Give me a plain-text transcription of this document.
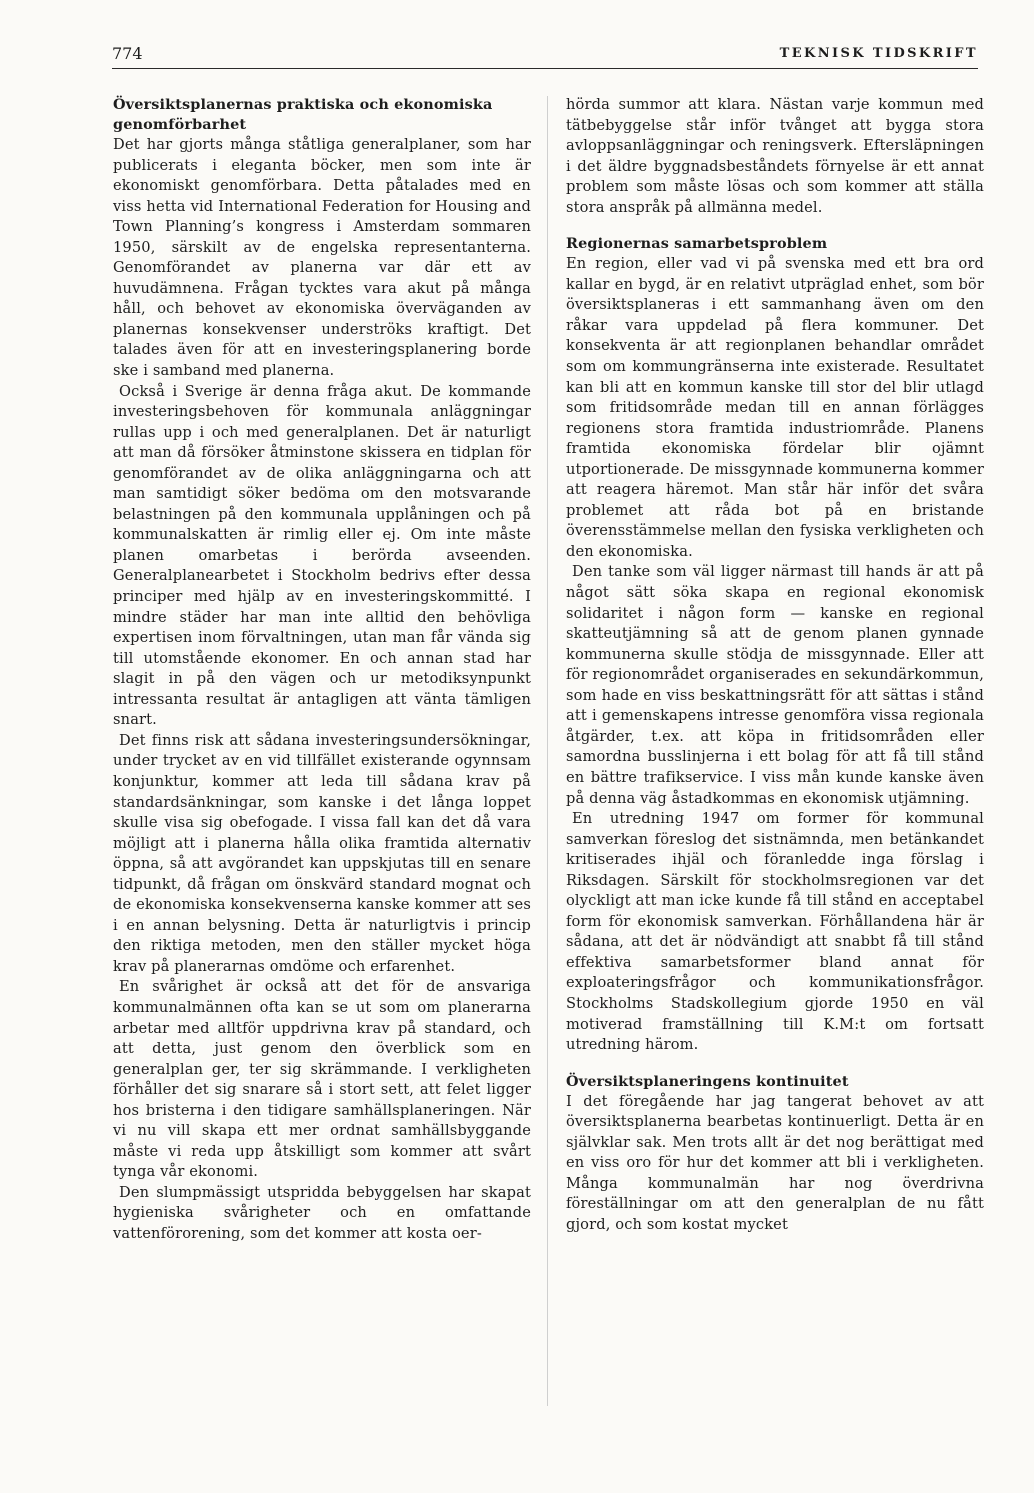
774	TEKNISK TIDSKRIFT
Översiktsplanernas praktiska och ekonomiska genomförbarhet

Det har gjorts många ståtliga generalplaner, som har publicerats i eleganta böcker, men som inte är ekonomiskt genomförbara. Detta påtalades med en viss hetta vid International Federation for Housing and Town Planning’s kongress i Amsterdam sommaren 1950, särskilt av de engelska representanterna. Genomförandet av planerna var där ett av huvudämnena. Frågan tycktes vara akut på många håll, och behovet av ekonomiska överväganden av planernas konsekvenser underströks kraftigt. Det talades även för att en investeringsplanering borde ske i samband med planerna.

Också i Sverige är denna fråga akut. De kommande investeringsbehoven för kommunala anläggningar rullas upp i och med generalplanen. Det är naturligt att man då försöker åtminstone skissera en tidplan för genomförandet av de olika anläggningarna och att man samtidigt söker bedöma om den motsvarande belastningen på den kommunala upplåningen och på kommunalskatten är rimlig eller ej. Om inte måste planen omarbetas i berörda avseenden. Generalplanearbetet i Stockholm bedrivs efter dessa principer med hjälp av en investeringskommitté. I mindre städer har man inte alltid den behövliga expertisen inom förvaltningen, utan man får vända sig till utomstående ekonomer. En och annan stad har slagit in på den vägen och ur metodiksynpunkt intressanta resultat är antagligen att vänta tämligen snart.

Det finns risk att sådana investeringsundersökningar, under trycket av en vid tillfället existerande ogynnsam konjunktur, kommer att leda till sådana krav på standardsänkningar, som kanske i det långa loppet skulle visa sig obefogade. I vissa fall kan det då vara möjligt att i planerna hålla olika framtida alternativ öppna, så att avgörandet kan uppskjutas till en senare tidpunkt, då frågan om önskvärd standard mognat och de ekonomiska konsekvenserna kanske kommer att ses i en annan belysning. Detta är naturligtvis i princip den riktiga metoden, men den ställer mycket höga krav på planerarnas omdöme och erfarenhet.

En svårighet är också att det för de ansvariga kommunalmännen ofta kan se ut som om planerarna arbetar med alltför uppdrivna krav på standard, och att detta, just genom den överblick som en generalplan ger, ter sig skrämmande. I verkligheten förhåller det sig snarare så i stort sett, att felet ligger hos bristerna i den tidigare samhällsplaneringen. När vi nu vill skapa ett mer ordnat samhällsbyggande måste vi reda upp åtskilligt som kommer att svårt tynga vår ekonomi.

Den slumpmässigt utspridda bebyggelsen har skapat hygieniska svårigheter och en omfattande vattenförorening, som det kommer att kosta oer-

hörda summor att klara. Nästan varje kommun med tätbebyggelse står inför tvånget att bygga stora avloppsanläggningar och reningsverk. Eftersläpningen i det äldre byggnadsbeståndets förnyelse är ett annat problem som måste lösas och som kommer att ställa stora anspråk på allmänna medel.

Regionernas samarbetsproblem

En region, eller vad vi på svenska med ett bra ord kallar en bygd, är en relativt utpräglad enhet, som bör översiktsplaneras i ett sammanhang även om den råkar vara uppdelad på flera kommuner. Det konsekventa är att regionplanen behandlar området som om kommungränserna inte existerade. Resultatet kan bli att en kommun kanske till stor del blir utlagd som fritidsområde medan till en annan förlägges regionens stora framtida industriområde. Planens framtida ekonomiska fördelar blir ojämnt utportionerade. De missgynnade kommunerna kommer att reagera häremot. Man står här inför det svåra problemet att råda bot på en bristande överensstämmelse mellan den fysiska verkligheten och den ekonomiska.

Den tanke som väl ligger närmast till hands är att på något sätt söka skapa en regional ekonomisk solidaritet i någon form — kanske en regional skatteutjämning så att de genom planen gynnade kommunerna skulle stödja de missgynnade. Eller att för regionområdet organiserades en sekundärkommun, som hade en viss beskattningsrätt för att sättas i stånd att i gemenskapens intresse genomföra vissa regionala åtgärder, t.ex. att köpa in fritidsområden eller samordna busslinjerna i ett bolag för att få till stånd en bättre trafikservice. I viss mån kunde kanske även på denna väg åstadkommas en ekonomisk utjämning.

En utredning 1947 om former för kommunal samverkan föreslog det sistnämnda, men betänkandet kritiserades ihjäl och föranledde inga förslag i Riksdagen. Särskilt för stockholmsregionen var det olyckligt att man icke kunde få till stånd en acceptabel form för ekonomisk samverkan. Förhållandena här är sådana, att det är nödvändigt att snabbt få till stånd effektiva samarbetsformer bland annat för exploateringsfrågor och kommunikationsfrågor. Stockholms Stadskollegium gjorde 1950 en väl motiverad framställning till K.M:t om fortsatt utredning härom.

Översiktsplaneringens kontinuitet

I det föregående har jag tangerat behovet av att översiktsplanerna bearbetas kontinuerligt. Detta är en självklar sak. Men trots allt är det nog berättigat med en viss oro för hur det kommer att bli i verkligheten. Många kommunalmän har nog överdrivna föreställningar om att den generalplan de nu fått gjord, och som kostat mycket
